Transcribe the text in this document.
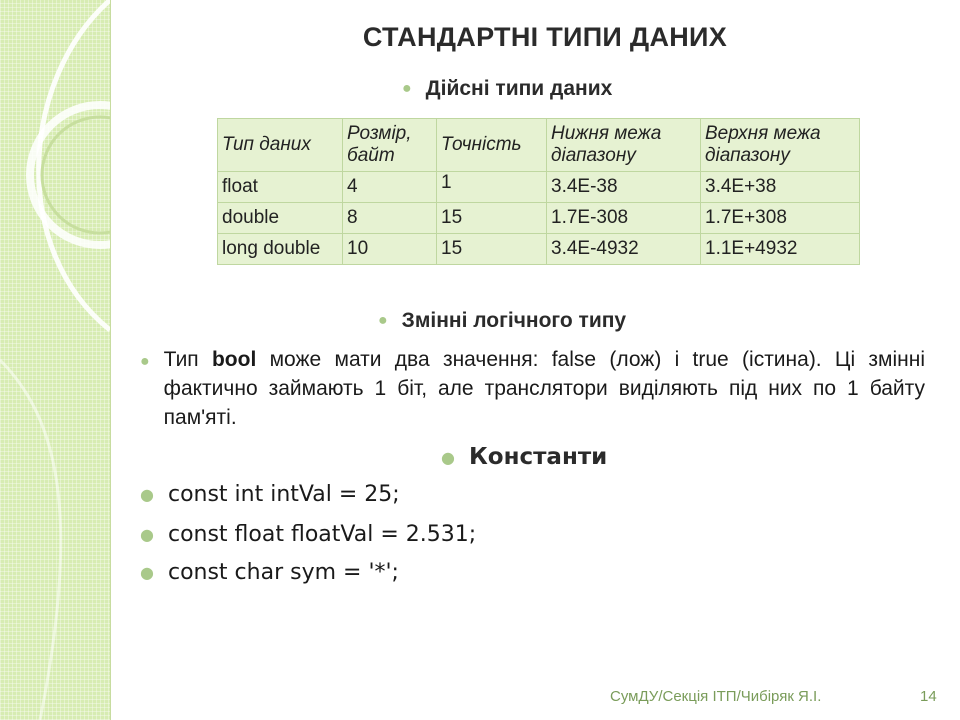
СТАНДАРТНІ ТИПИ ДАНИХ
● Дійсні типи даних
Тип даних	Розмір, байт	Точність	Нижня межа діапазону	Верхня межа діапазону
float	4	1	3.4E-38	3.4E+38
double	8	15	1.7E-308	1.7E+308
long double	10	15	3.4E-4932	1.1E+4932
● Змінні логічного типу
● Тип bool може мати два значення: false (лож) і true (істина). Ці змінні фактично займають 1 біт, але транслятори виділяють під них по 1 байту пам'яті.
● Константи
● const int intVal = 25;
● const float floatVal = 2.531;
● const char sym = '*';
СумДУ/Секція ІТП/Чибіряк Я.І.	14
